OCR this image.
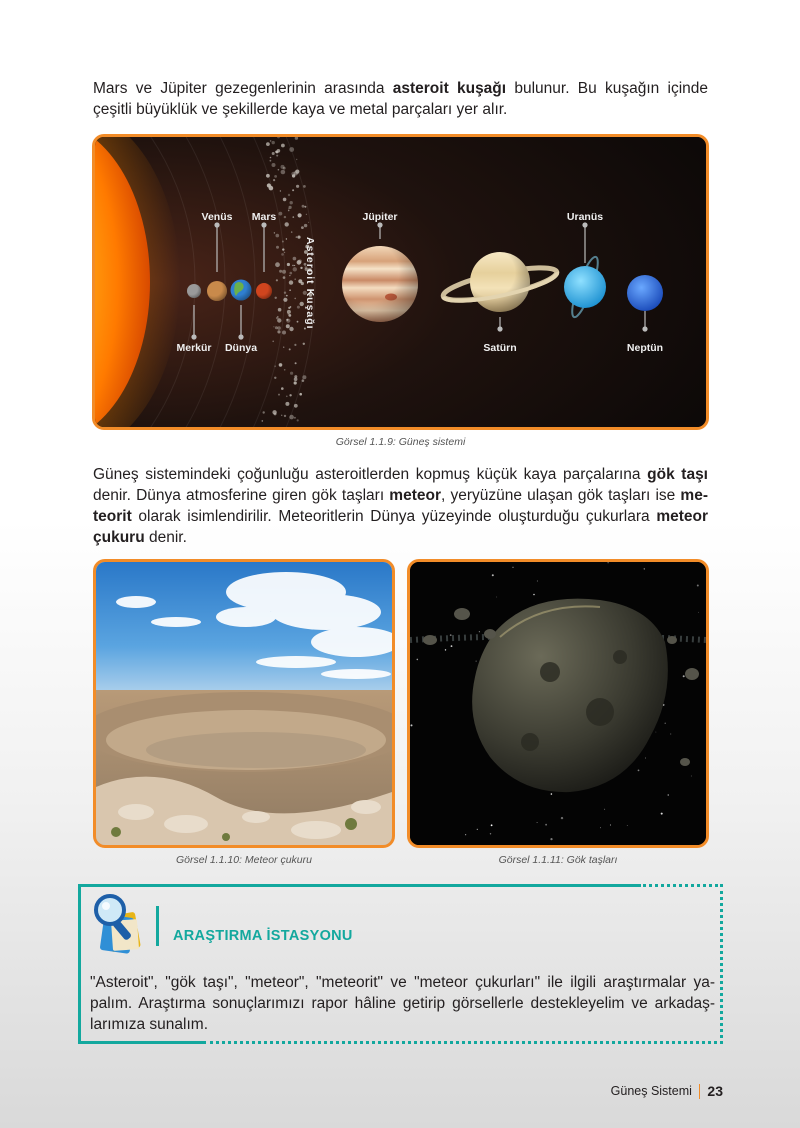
Mars ve Jüpiter gezegenlerinin arasında asteroit kuşağı bulunur. Bu kuşağın içinde çeşitli büyüklük ve şekillerde kaya ve metal parçaları yer alır.

Asteroit Kuşağı
Venüs Mars	Jüpiter	Uranüs
Merkür Dünya	Satürn	Neptün
Görsel 1.1.9: Güneş sistemi

Güneş sistemindeki çoğunluğu asteroitlerden kopmuş küçük kaya parçalarına gök taşı denir. Dünya atmosferine giren gök taşları meteor, yeryüzüne ulaşan gök taşları ise meteorit olarak isimlendirilir. Meteoritlerin Dünya yüzeyinde oluşturduğu çukurlara meteor çukuru denir.

Görsel 1.1.10: Meteor çukuru	Görsel 1.1.11: Gök taşları
ARAŞTIRMA İSTASYONU
"Asteroit", "gök taşı", "meteor", "meteorit" ve "meteor çukurları" ile ilgili araştırmalar yapalım. Araştırma sonuçlarımızı rapor hâline getirip görsellerle destekleyelim ve arkadaşlarımıza sunalım.
Güneş Sistemi 23
